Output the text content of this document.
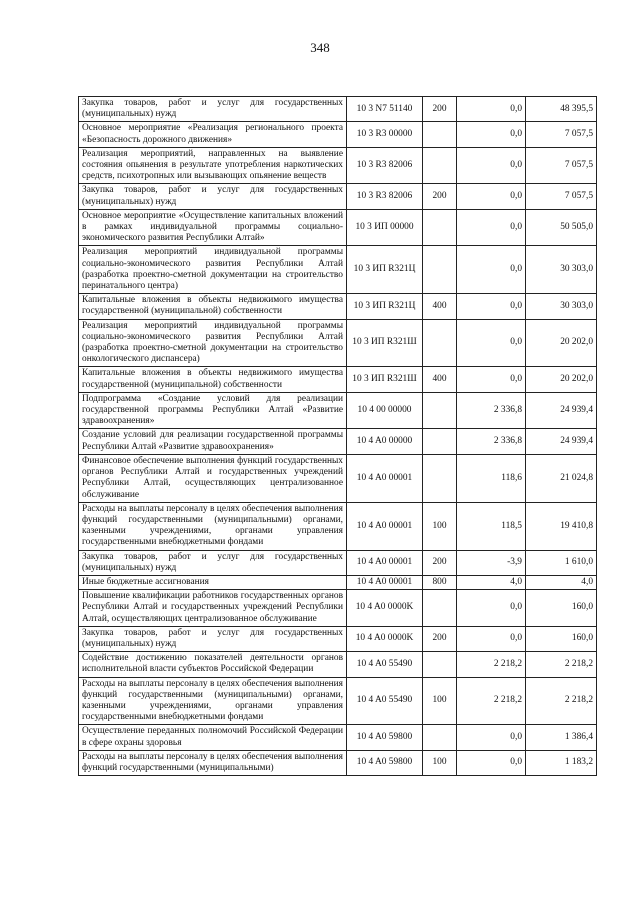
348
Закупка товаров, работ и услуг для государственных (муниципальных) нужд	10 3 N7 51140	200	0,0	48 395,5
Основное мероприятие «Реализация регионального проекта «Безопасность дорожного движения»	10 3 R3 00000		0,0	7 057,5
Реализация мероприятий, направленных на выявление состояния опьянения в результате употребления наркотических средств, психотропных или вызывающих опьянение веществ	10 3 R3 82006		0,0	7 057,5
Закупка товаров, работ и услуг для государственных (муниципальных) нужд	10 3 R3 82006	200	0,0	7 057,5
Основное мероприятие «Осуществление капитальных вложений в рамках индивидуальной программы социально-экономического развития Республики Алтай»	10 3 ИП 00000		0,0	50 505,0
Реализация мероприятий индивидуальной программы социально-экономического развития Республики Алтай (разработка проектно-сметной документации на строительство перинатального центра)	10 3 ИП R321Ц		0,0	30 303,0
Капитальные вложения в объекты недвижимого имущества государственной (муниципальной) собственности	10 3 ИП R321Ц	400	0,0	30 303,0
Реализация мероприятий индивидуальной программы социально-экономического развития Республики Алтай (разработка проектно-сметной документации на строительство онкологического диспансера)	10 3 ИП R321Ш		0,0	20 202,0
Капитальные вложения в объекты недвижимого имущества государственной (муниципальной) собственности	10 3 ИП R321Ш	400	0,0	20 202,0
Подпрограмма «Создание условий для реализации государственной программы Республики Алтай «Развитие здравоохранения»	10 4 00 00000		2 336,8	24 939,4
Создание условий для реализации государственной программы Республики Алтай «Развитие здравоохранения»	10 4 A0 00000		2 336,8	24 939,4
Финансовое обеспечение выполнения функций государственных органов Республики Алтай и государственных учреждений Республики Алтай, осуществляющих централизованное обслуживание	10 4 A0 00001		118,6	21 024,8
Расходы на выплаты персоналу в целях обеспечения выполнения функций государственными (муниципальными) органами, казенными учреждениями, органами управления государственными внебюджетными фондами	10 4 A0 00001	100	118,5	19 410,8
Закупка товаров, работ и услуг для государственных (муниципальных) нужд	10 4 A0 00001	200	-3,9	1 610,0
Иные бюджетные ассигнования	10 4 A0 00001	800	4,0	4,0
Повышение квалификации работников государственных органов Республики Алтай и государственных учреждений Республики Алтай, осуществляющих централизованное обслуживание	10 4 A0 0000K		0,0	160,0
Закупка товаров, работ и услуг для государственных (муниципальных) нужд	10 4 A0 0000K	200	0,0	160,0
Содействие достижению показателей деятельности органов исполнительной власти субъектов Российской Федерации	10 4 A0 55490		2 218,2	2 218,2
Расходы на выплаты персоналу в целях обеспечения выполнения функций государственными (муниципальными) органами, казенными учреждениями, органами управления государственными внебюджетными фондами	10 4 A0 55490	100	2 218,2	2 218,2
Осуществление переданных полномочий Российской Федерации в сфере охраны здоровья	10 4 A0 59800		0,0	1 386,4
Расходы на выплаты персоналу в целях обеспечения выполнения функций государственными (муниципальными)	10 4 A0 59800	100	0,0	1 183,2
